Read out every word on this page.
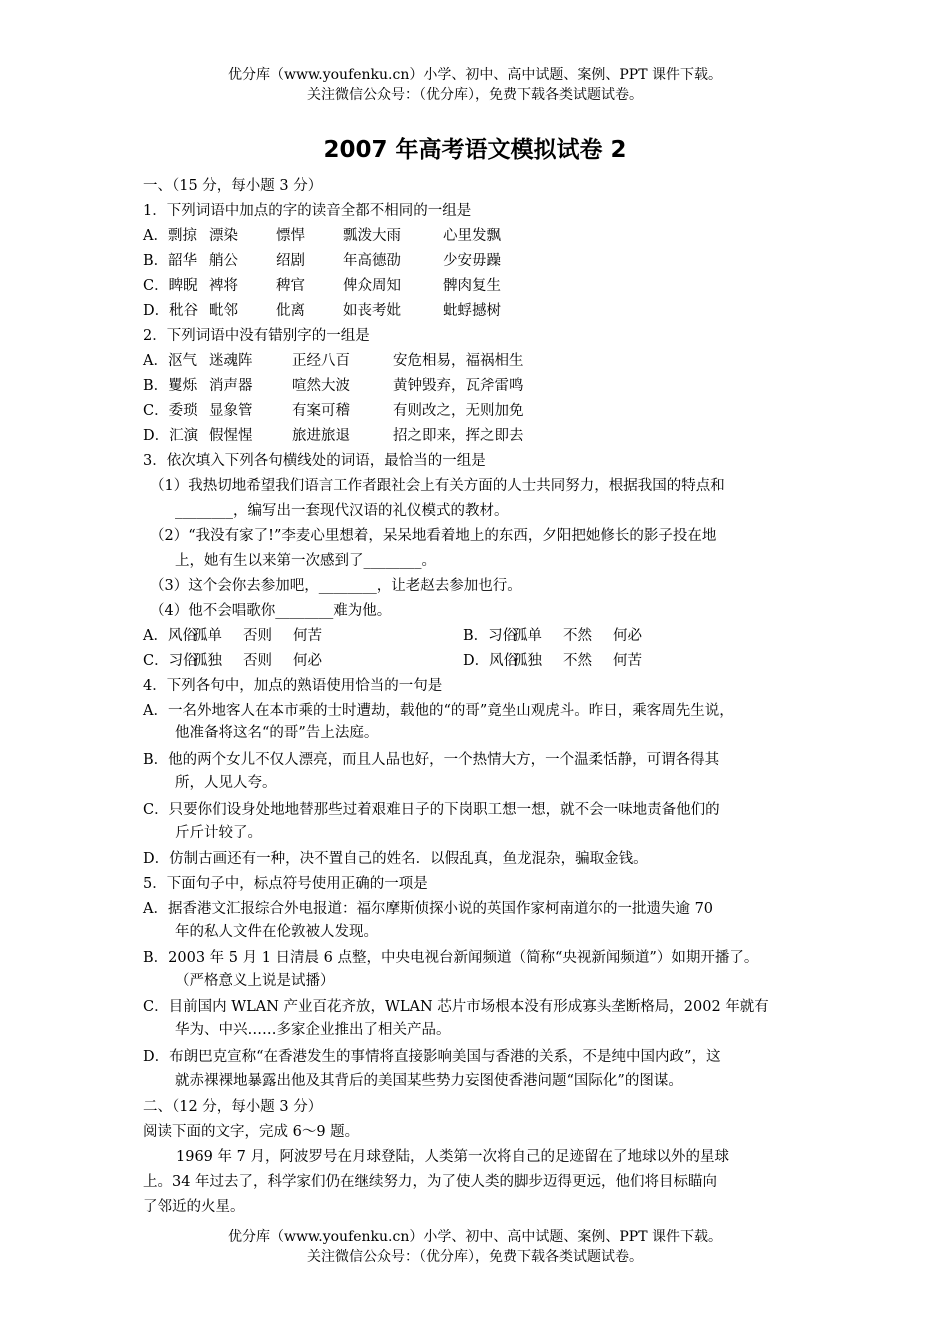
优分库（www.youfenku.cn）小学、初中、高中试题、案例、PPT 课件下载。
关注微信公众号：（优分库），免费下载各类试题试卷。
2007 年高考语文模拟试卷 2
一、（15 分，每小题 3 分）
1．下列词语中加点的字的读音全都不相同的一组是
A．剽掠 漂染	慓悍	瓢泼大雨	心里发飘
B．韶华 艄公	绍剧	年高德劭	少安毋躁
C．睥睨 裨将	稗官	俾众周知	髀肉复生
D．秕谷 毗邻	仳离	如丧考妣	蚍蜉撼树
2．下列词语中没有错别字的一组是
A．沤气 迷魂阵	正经八百	安危相易，福祸相生
B．矍烁 消声器	喧然大波	黄钟毁弃，瓦斧雷鸣
C．委琐 显象管	有案可稽	有则改之，无则加免
D．汇演 假惺惺	旅进旅退	招之即来，挥之即去
3．依次填入下列各句横线处的词语，最恰当的一组是
（1）我热切地希望我们语言工作者跟社会上有关方面的人士共同努力，根据我国的特点和
________，编写出一套现代汉语的礼仪模式的教材。
（2）“我没有家了!”李麦心里想着，呆呆地看着地上的东西，夕阳把她修长的影子投在地
上，她有生以来第一次感到了________。
（3）这个会你去参加吧，________，让老赵去参加也行。
（4）他不会唱歌你________难为他。
A．风俗孤单 否则 何苦	B．习俗孤单 不然 何必
C．习俗孤独 否则 何必	D．风俗孤独 不然 何苦
4．下列各句中，加点的熟语使用恰当的一句是
A．一名外地客人在本市乘的士时遭劫，载他的“的哥”竟坐山观虎斗。昨日，乘客周先生说，
他准备将这名“的哥”告上法庭。
B．他的两个女儿不仅人漂亮，而且人品也好，一个热情大方，一个温柔恬静，可谓各得其
所，人见人夸。
C．只要你们设身处地地替那些过着艰难日子的下岗职工想一想，就不会一味地责备他们的
斤斤计较了。
D．仿制古画还有一种，决不置自己的姓名．以假乱真，鱼龙混杂，骗取金钱。
5．下面句子中，标点符号使用正确的一项是
A．据香港文汇报综合外电报道：福尔摩斯侦探小说的英国作家柯南道尔的一批遗失逾 70
年的私人文件在伦敦被人发现。
B．2003 年 5 月 1 日清晨 6 点整，中央电视台新闻频道（简称“央视新闻频道”）如期开播了。
（严格意义上说是试播）
C．目前国内 WLAN 产业百花齐放，WLAN 芯片市场根本没有形成寡头垄断格局，2002 年就有
华为、中兴……多家企业推出了相关产品。
D．布朗巴克宣称“在香港发生的事情将直接影响美国与香港的关系，不是纯中国内政”，这
就赤裸裸地暴露出他及其背后的美国某些势力妄图使香港问题“国际化”的图谋。
二、（12 分，每小题 3 分）
阅读下面的文字，完成 6～9 题。
1969 年 7 月，阿波罗号在月球登陆，人类第一次将自己的足迹留在了地球以外的星球
上。34 年过去了，科学家们仍在继续努力，为了使人类的脚步迈得更远，他们将目标瞄向
了邻近的火星。
优分库（www.youfenku.cn）小学、初中、高中试题、案例、PPT 课件下载。
关注微信公众号：（优分库），免费下载各类试题试卷。
